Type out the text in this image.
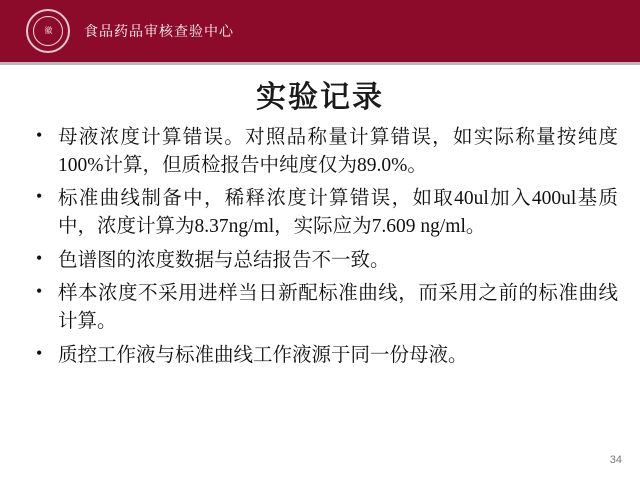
徽	食品药品审核查验中心
实验记录
• 母液浓度计算错误。对照品称量计算错误，如实际称量按纯度100%计算，但质检报告中纯度仅为89.0%。
• 标准曲线制备中，稀释浓度计算错误，如取40ul加入400ul基质中，浓度计算为8.37ng/ml，实际应为7.609 ng/ml。
• 色谱图的浓度数据与总结报告不一致。
• 样本浓度不采用进样当日新配标准曲线，而采用之前的标准曲线计算。
• 质控工作液与标准曲线工作液源于同一份母液。
34
